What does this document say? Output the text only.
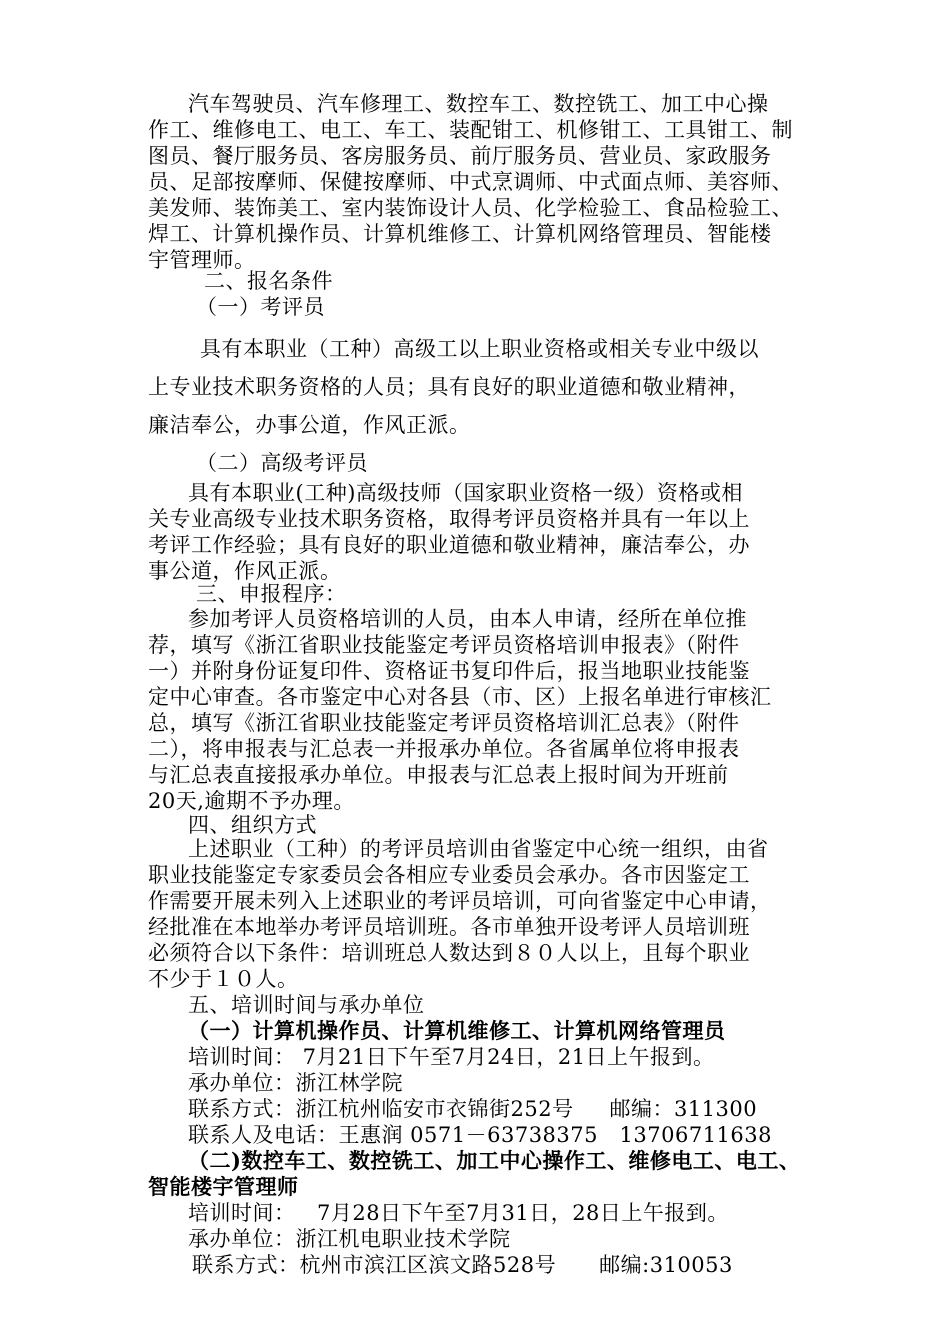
汽车驾驶员、汽车修理工、数控车工、数控铣工、加工中心操
作工、维修电工、电工、车工、装配钳工、机修钳工、工具钳工、制
图员、餐厅服务员、客房服务员、前厅服务员、营业员、家政服务
员、足部按摩师、保健按摩师、中式烹调师、中式面点师、美容师、
美发师、装饰美工、室内装饰设计人员、化学检验工、食品检验工、
焊工、计算机操作员、计算机维修工、计算机网络管理员、智能楼
宇管理师。
二、报名条件
（一）考评员
具有本职业（工种）高级工以上职业资格或相关专业中级以
上专业技术职务资格的人员；具有良好的职业道德和敬业精神，
廉洁奉公，办事公道，作风正派。
（二）高级考评员
具有本职业(工种)高级技师（国家职业资格一级）资格或相
关专业高级专业技术职务资格，取得考评员资格并具有一年以上
考评工作经验；具有良好的职业道德和敬业精神，廉洁奉公，办
事公道，作风正派。
三、申报程序：
参加考评人员资格培训的人员，由本人申请，经所在单位推
荐，填写《浙江省职业技能鉴定考评员资格培训申报表》（附件
一）并附身份证复印件、资格证书复印件后，报当地职业技能鉴
定中心审查。各市鉴定中心对各县（市、区）上报名单进行审核汇
总，填写《浙江省职业技能鉴定考评员资格培训汇总表》（附件
二），将申报表与汇总表一并报承办单位。各省属单位将申报表
与汇总表直接报承办单位。申报表与汇总表上报时间为开班前
20天,逾期不予办理。
四、组织方式
上述职业（工种）的考评员培训由省鉴定中心统一组织，由省
职业技能鉴定专家委员会各相应专业委员会承办。各市因鉴定工
作需要开展未列入上述职业的考评员培训，可向省鉴定中心申请，
经批准在本地举办考评员培训班。各市单独开设考评人员培训班
必须符合以下条件：培训班总人数达到８０人以上，且每个职业
不少于１０人。
五、培训时间与承办单位
（一）计算机操作员、计算机维修工、计算机网络管理员
培训时间： 7月21日下午至7月24日，21日上午报到。
承办单位：浙江林学院
联系方式：浙江杭州临安市衣锦街252号     邮编：311300
联系人及电话：王惠润 0571－63738375   13706711638
（二)数控车工、数控铣工、加工中心操作工、维修电工、电工、
智能楼宇管理师
培训时间：   7月28日下午至7月31日，28日上午报到。
承办单位：浙江机电职业技术学院
联系方式：杭州市滨江区滨文路528号      邮编:310053
